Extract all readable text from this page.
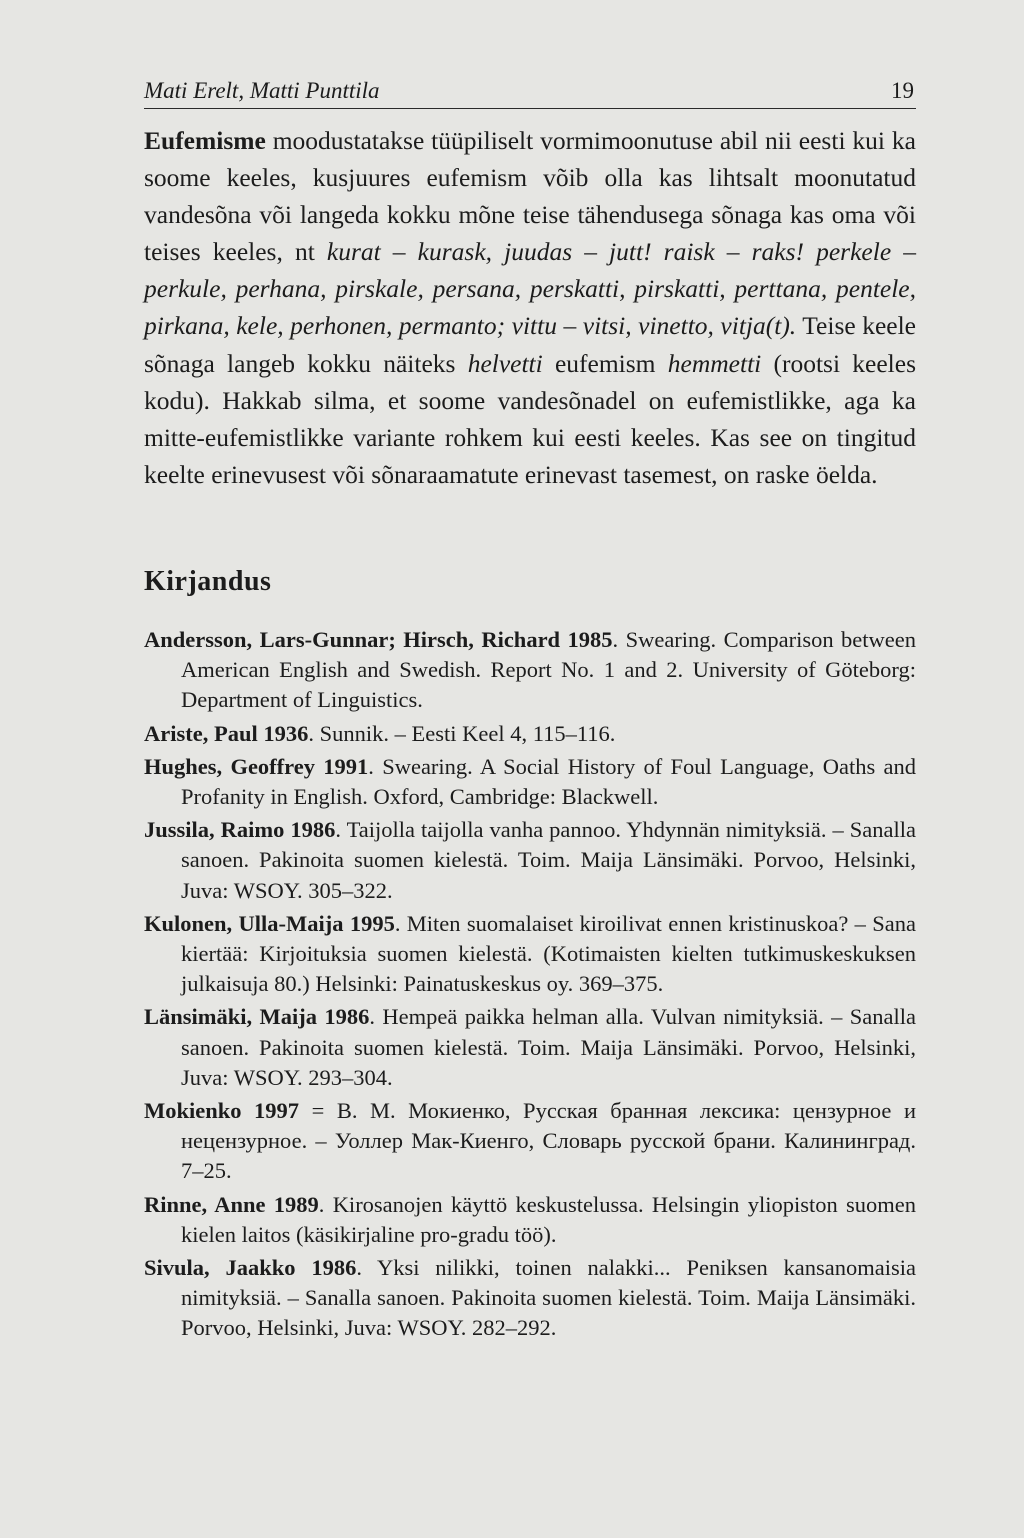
Mati Erelt, Matti Punttila	19

Eufemisme moodustatakse tüüpiliselt vormimoonutuse abil nii eesti kui ka soome keeles, kusjuures eufemism võib olla kas lihtsalt moonutatud vandesõna või langeda kokku mõne teise tähendusega sõnaga kas oma või teises keeles, nt kurat – kurask, juudas – jutt! raisk – raks! perkele – perkule, perhana, pirskale, persana, perskatti, pirskatti, perttana, pentele, pirkana, kele, perhonen, permanto; vittu – vitsi, vinetto, vitja(t). Teise keele sõnaga langeb kokku näiteks helvetti eufemism hemmetti (rootsi keeles kodu). Hakkab silma, et soome vandesõnadel on eufemistlikke, aga ka mitte-eufemistlikke variante rohkem kui eesti keeles. Kas see on tingitud keelte erinevusest või sõnaraamatute erinevast tasemest, on raske öelda.

Kirjandus

Andersson, Lars-Gunnar; Hirsch, Richard 1985. Swearing. Comparison between American English and Swedish. Report No. 1 and 2. University of Göteborg: Department of Linguistics.

Ariste, Paul 1936. Sunnik. – Eesti Keel 4, 115–116.

Hughes, Geoffrey 1991. Swearing. A Social History of Foul Language, Oaths and Profanity in English. Oxford, Cambridge: Blackwell.

Jussila, Raimo 1986. Taijolla taijolla vanha pannoo. Yhdynnän nimityksiä. – Sanalla sanoen. Pakinoita suomen kielestä. Toim. Maija Länsimäki. Porvoo, Helsinki, Juva: WSOY. 305–322.

Kulonen, Ulla-Maija 1995. Miten suomalaiset kiroilivat ennen kristinuskoa? – Sana kiertää: Kirjoituksia suomen kielestä. (Kotimaisten kielten tutkimuskeskuksen julkaisuja 80.) Helsinki: Painatuskeskus oy. 369–375.

Länsimäki, Maija 1986. Hempeä paikka helman alla. Vulvan nimityksiä. – Sanalla sanoen. Pakinoita suomen kielestä. Toim. Maija Länsimäki. Porvoo, Helsinki, Juva: WSOY. 293–304.

Mokienko 1997 = В. М. Мокиенко, Русская бранная лексика: цензурное и нецензурное. – Уоллер Мак-Киенго, Словарь русской брани. Калининград. 7–25.

Rinne, Anne 1989. Kirosanojen käyttö keskustelussa. Helsingin yliopiston suomen kielen laitos (käsikirjaline pro-gradu töö).

Sivula, Jaakko 1986. Yksi nilikki, toinen nalakki... Peniksen kansanomaisia nimityksiä. – Sanalla sanoen. Pakinoita suomen kielestä. Toim. Maija Länsimäki. Porvoo, Helsinki, Juva: WSOY. 282–292.
